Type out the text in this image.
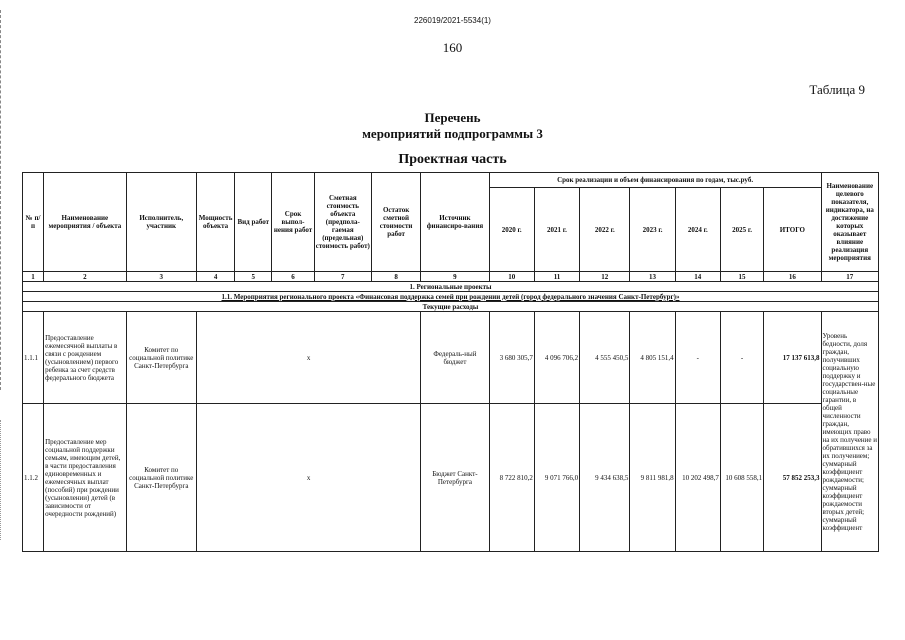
226019/2021-5534(1)
160
Таблица 9
Перечень
мероприятий подпрограммы 3
Проектная часть
№ п/п	Наименование мероприятия / объекта	Исполнитель, участник	Мощность объекта	Вид работ	Срок выпол-нения работ	Сметная стоимость объекта (предпола-гаемая (предельная) стоимость работ)	Остаток сметной стоимости работ	Источник финансиро-вания	Срок реализации и объем финансирования по годам, тыс.руб.							Наименование целевого показателя, индикатора, на достижение которых оказывает влияние реализация мероприятия
									2020 г.	2021 г.	2022 г.	2023 г.	2024 г.	2025 г.	ИТОГО	
1	2	3	4	5	6	7	8	9	10	11	12	13	14	15	16	17
1. Региональные проекты																
1.1. Мероприятия регионального проекта «Финансовая поддержка семей при рождении детей (город федерального значения Санкт-Петербург)»																
Текущие расходы																
1.1.1	Предоставление ежемесячной выплаты в связи с рождением (усыновлением) первого ребенка за счет средств федерального бюджета	Комитет по социальной политике Санкт-Петербурга	х					Федераль-ный бюджет	3 680 305,7	4 096 706,2	4 555 450,5	4 805 151,4	-	-	17 137 613,8	Уровень бедности, доля граждан, получивших социальную поддержку и государствен-ные социальные гарантии, в общей численности граждан, имеющих право на их получение и обратившихся за их получением; суммарный коэффициент рождаемости; суммарный коэффициент рождаемости вторых детей; суммарный коэффициент
1.1.2	Предоставление мер социальной поддержки семьям, имеющим детей, в части предоставления единовременных и ежемесячных выплат (пособий) при рождении (усыновлении) детей (в зависимости от очередности рождений)	Комитет по социальной политике Санкт-Петербурга	х					Бюджет Санкт-Петербурга	8 722 810,2	9 071 766,0	9 434 638,5	9 811 981,8	10 202 498,7	10 608 558,1	57 852 253,3	
